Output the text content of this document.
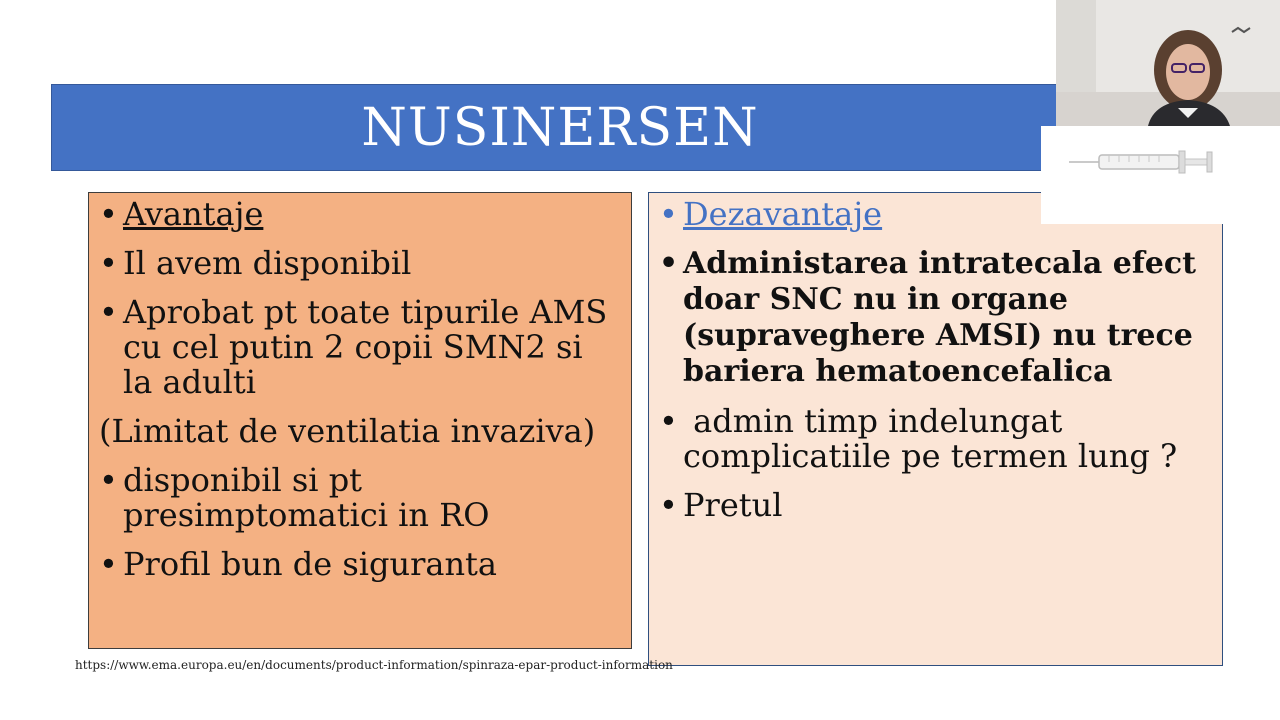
NUSINERSEN
• Avantaje
• Il avem disponibil
• Aprobat pt toate tipurile AMS cu cel putin 2 copii SMN2 si la adulti
(Limitat de ventilatia invaziva)
• disponibil si pt presimptomatici in RO
• Profil bun de siguranta
• Dezavantaje
• Administarea intratecala efect doar SNC nu in organe (supraveghere AMSI) nu trece bariera hematoencefalica
• admin timp indelungat complicatiile pe termen lung ?
• Pretul
https://www.ema.europa.eu/en/documents/product-information/spinraza-epar-product-information
